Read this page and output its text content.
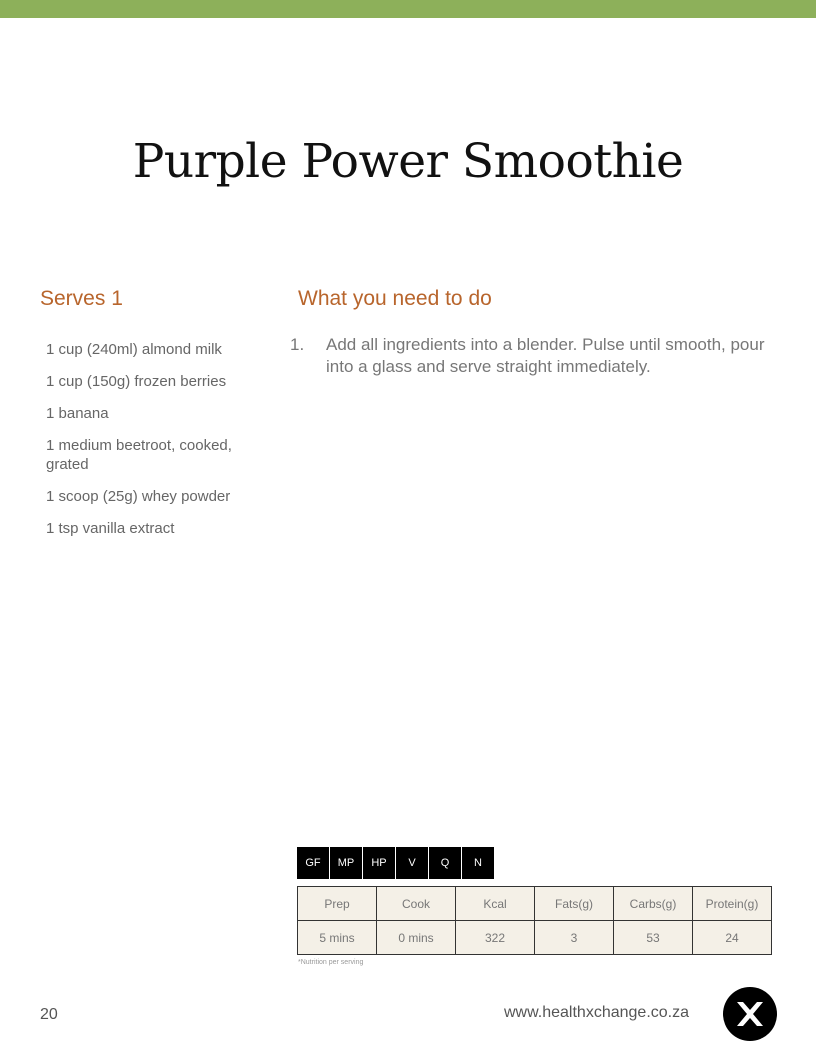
Purple Power Smoothie
Serves 1
1 cup (240ml) almond milk
1 cup (150g) frozen berries
1 banana
1 medium beetroot, cooked, grated
1 scoop (25g) whey powder
1 tsp vanilla extract
What you need to do
1.	Add all ingredients into a blender. Pulse until smooth, pour into a glass and serve straight immediately.
GF	MP	HP	V	Q	N
Prep	Cook	Kcal	Fats(g)	Carbs(g)	Protein(g)
5 mins	0 mins	322	3	53	24
*Nutrition per serving
20	www.healthxchange.co.za
